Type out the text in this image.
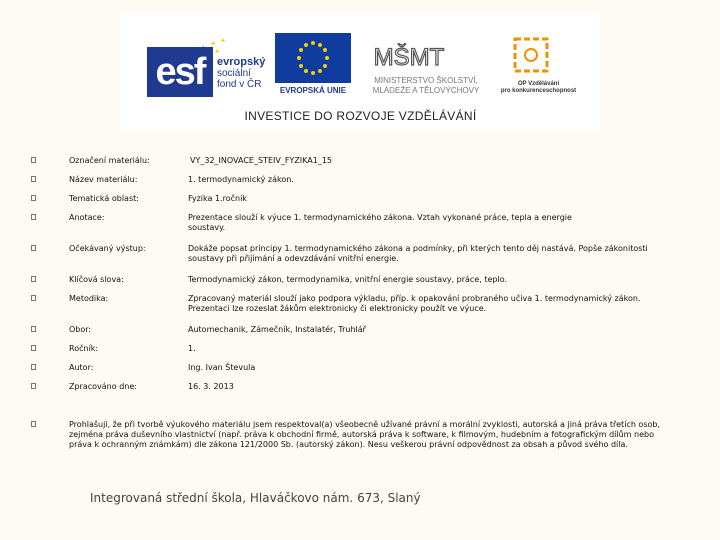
esf	evropský
sociální
fond v ČR
EVROPSKÁ UNIE
MŠMT
MINISTERSTVO ŠKOLSTVÍ,
MLÁDEŽE A TĚLOVÝCHOVY
OP Vzdělávání
pro konkurenceschopnost
INVESTICE DO ROZVOJE VZDĚLÁVÁNÍ
Označení materiálu:	VY_32_INOVACE_STEIV_FYZIKA1_15
Název materiálu:	1. termodynamický zákon.
Tematická oblast:	Fyzika 1.ročník
Anotace:	Prezentace slouží k výuce 1. termodynamického zákona. Vztah vykonané práce, tepla a energie soustavy.
Očekávaný výstup:	Dokáže popsat principy 1. termodynamického zákona a podmínky, při kterých tento děj nastává. Popše zákonitosti soustavy při přijímání a odevzdávání vnitřní energie.
Klíčová slova:	Termodynamický zákon, termodynamika, vnitřní energie soustavy, práce, teplo.
Metodika:	Zpracovaný materiál slouží jako podpora výkladu, příp. k opakování probraného učiva 1. termodynamický zákon. Prezentaci lze rozeslat žákům elektronicky či elektronicky použít ve výuce.
Obor:	Automechanik, Zámečník, Instalatér, Truhlář
Ročník:	1.
Autor:	Ing. Ivan Števula
Zpracováno dne:	16. 3. 2013
Prohlašuji, že při tvorbě výukového materiálu jsem respektoval(a) všeobecně užívané právní a morální zvyklosti, autorská a jiná práva třetích osob, zejména práva duševního vlastnictví (např. práva k obchodní firmě, autorská práva k software, k filmovým, hudebním a fotografickým dílům nebo práva k ochranným známkám) dle zákona 121/2000 Sb. (autorský zákon). Nesu veškerou právní odpovědnost za obsah a původ svého díla.
Integrovaná střední škola, Hlaváčkovo nám. 673, Slaný
